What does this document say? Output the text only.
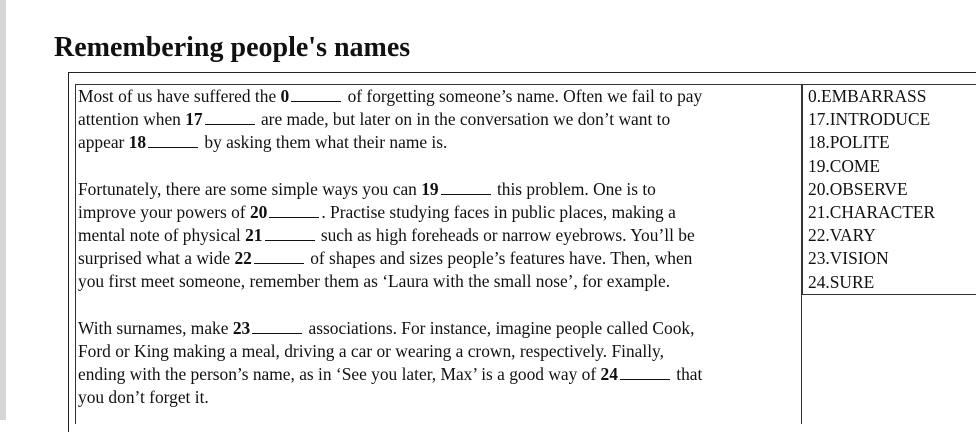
Remembering people's names

Most of us have suffered the 0	of forgetting someone’s name. Often we fail to pay
attention when 17	are made, but later on in the conversation we don’t want to
appear 18	by asking them what their name is.

Fortunately, there are some simple ways you can 19	this problem. One is to
improve your powers of 20	. Practise studying faces in public places, making a
mental note of physical 21	such as high foreheads or narrow eyebrows. You’ll be
surprised what a wide 22	of shapes and sizes people’s features have. Then, when
you first meet someone, remember them as ‘Laura with the small nose’, for example.

With surnames, make 23	associations. For instance, imagine people called Cook,
Ford or King making a meal, driving a car or wearing a crown, respectively. Finally,
ending with the person’s name, as in ‘See you later, Max’ is a good way of 24	that
you don’t forget it.

0.EMBARRASS
17.INTRODUCE
18.POLITE
19.COME
20.OBSERVE
21.CHARACTER
22.VARY
23.VISION
24.SURE
